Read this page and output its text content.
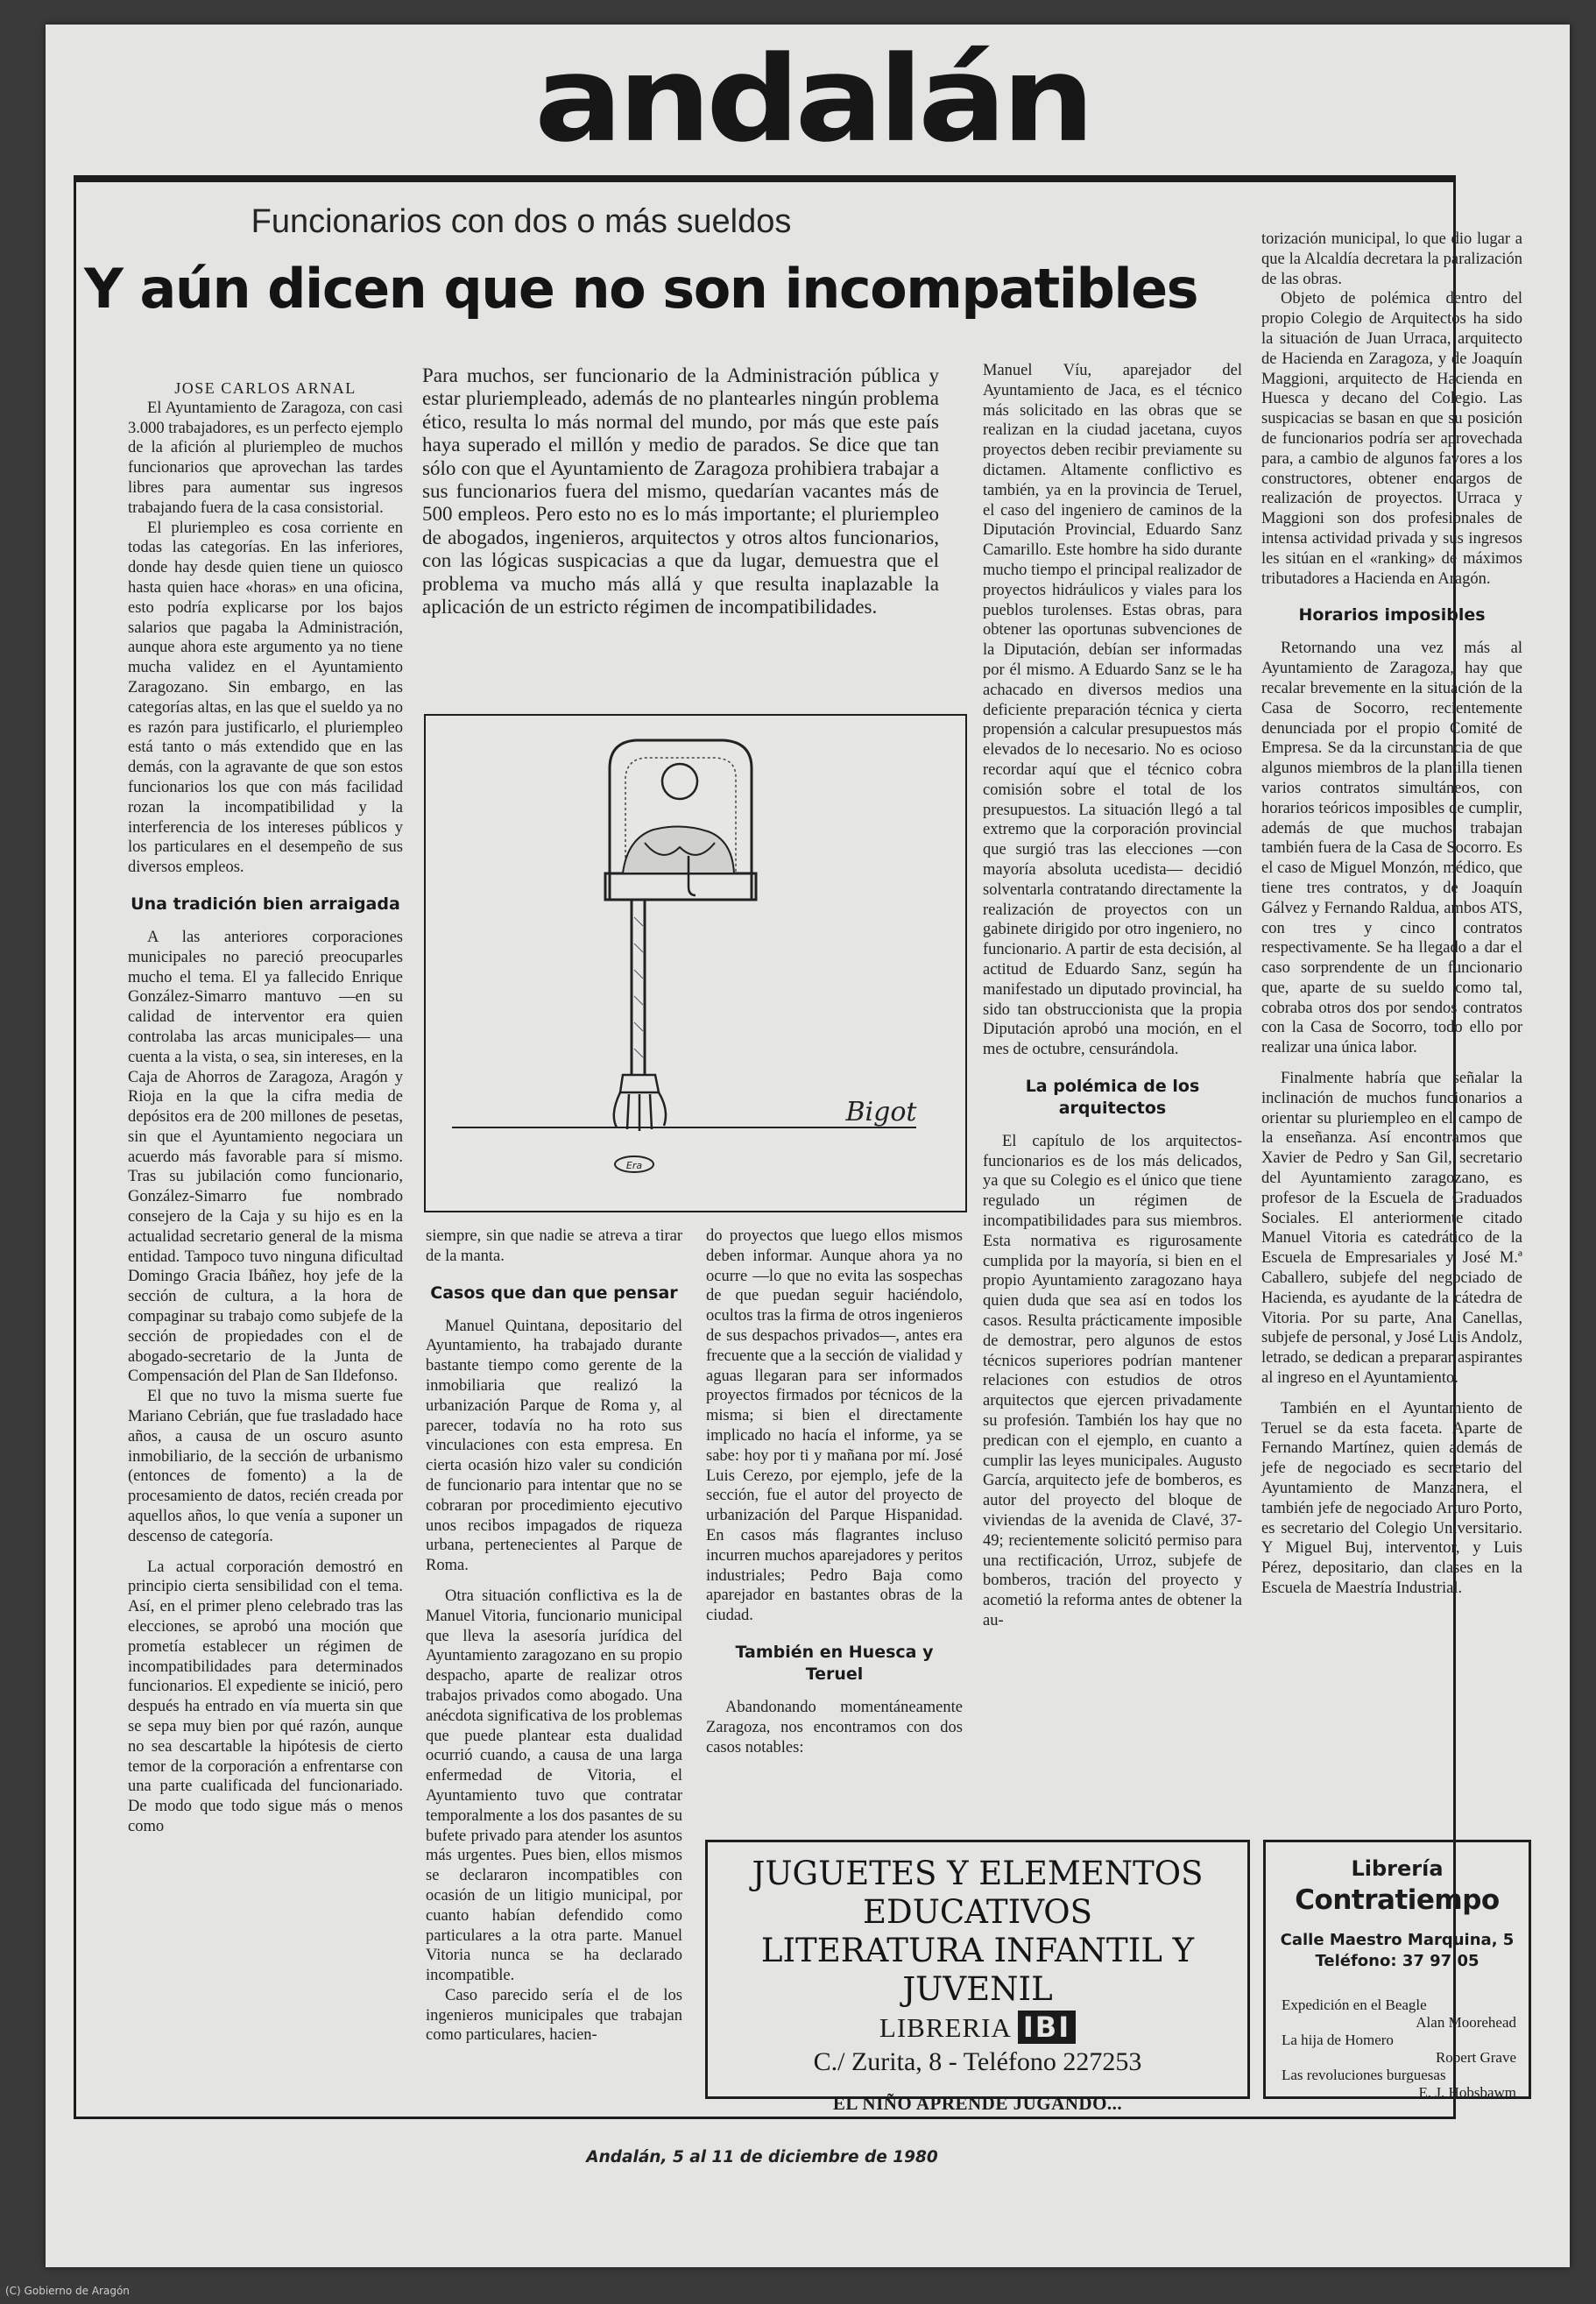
andalán
Funcionarios con dos o más sueldos
Y aún dicen que no son incompatibles

JOSE CARLOS ARNAL

El Ayuntamiento de Zaragoza, con casi 3.000 trabajadores, es un perfecto ejemplo de la afición al pluriempleo de muchos funcionarios que aprovechan las tardes libres para aumentar sus ingresos trabajando fuera de la casa consistorial.

El pluriempleo es cosa corriente en todas las categorías. En las inferiores, donde hay desde quien tiene un quiosco hasta quien hace «horas» en una oficina, esto podría explicarse por los bajos salarios que pagaba la Administración, aunque ahora este argumento ya no tiene mucha validez en el Ayuntamiento Zaragozano. Sin embargo, en las categorías altas, en las que el sueldo ya no es razón para justificarlo, el pluriempleo está tanto o más extendido que en las demás, con la agravante de que son estos funcionarios los que con más facilidad rozan la incompatibilidad y la interferencia de los intereses públicos y los particulares en el desempeño de sus diversos empleos.

Una tradición bien arraigada

A las anteriores corporaciones municipales no pareció preocuparles mucho el tema. El ya fallecido Enrique González-Simarro mantuvo —en su calidad de interventor era quien controlaba las arcas municipales— una cuenta a la vista, o sea, sin intereses, en la Caja de Ahorros de Zaragoza, Aragón y Rioja en la que la cifra media de depósitos era de 200 millones de pesetas, sin que el Ayuntamiento negociara un acuerdo más favorable para sí mismo. Tras su jubilación como funcionario, González-Simarro fue nombrado consejero de la Caja y su hijo es en la actualidad secretario general de la misma entidad. Tampoco tuvo ninguna dificultad Domingo Gracia Ibáñez, hoy jefe de la sección de cultura, a la hora de compaginar su trabajo como subjefe de la sección de propiedades con el de abogado-secretario de la Junta de Compensación del Plan de San Ildefonso.

El que no tuvo la misma suerte fue Mariano Cebrián, que fue trasladado hace años, a causa de un oscuro asunto inmobiliario, de la sección de urbanismo (entonces de fomento) a la de procesamiento de datos, recién creada por aquellos años, lo que venía a suponer un descenso de categoría.

La actual corporación demostró en principio cierta sensibilidad con el tema. Así, en el primer pleno celebrado tras las elecciones, se aprobó una moción que prometía establecer un régimen de incompatibilidades para determinados funcionarios. El expediente se inició, pero después ha entrado en vía muerta sin que se sepa muy bien por qué razón, aunque no sea descartable la hipótesis de cierto temor de la corporación a enfrentarse con una parte cualificada del funcionariado. De modo que todo sigue más o menos como

Para muchos, ser funcionario de la Administración pública y estar pluriempleado, además de no plantearles ningún problema ético, resulta lo más normal del mundo, por más que este país haya superado el millón y medio de parados. Se dice que tan sólo con que el Ayuntamiento de Zaragoza prohibiera trabajar a sus funcionarios fuera del mismo, quedarían vacantes más de 500 empleos. Pero esto no es lo más importante; el pluriempleo de abogados, ingenieros, arquitectos y otros altos funcionarios, con las lógicas suspicacias a que da lugar, demuestra que el problema va mucho más allá y que resulta inaplazable la aplicación de un estricto régimen de incompatibilidades.

Era
Bigot

siempre, sin que nadie se atreva a tirar de la manta.

Casos que dan que pensar

Manuel Quintana, depositario del Ayuntamiento, ha trabajado durante bastante tiempo como gerente de la inmobiliaria que realizó la urbanización Parque de Roma y, al parecer, todavía no ha roto sus vinculaciones con esta empresa. En cierta ocasión hizo valer su condición de funcionario para intentar que no se cobraran por procedimiento ejecutivo unos recibos impagados de riqueza urbana, pertenecientes al Parque de Roma.

Otra situación conflictiva es la de Manuel Vitoria, funcionario municipal que lleva la asesoría jurídica del Ayuntamiento zaragozano en su propio despacho, aparte de realizar otros trabajos privados como abogado. Una anécdota significativa de los problemas que puede plantear esta dualidad ocurrió cuando, a causa de una larga enfermedad de Vitoria, el Ayuntamiento tuvo que contratar temporalmente a los dos pasantes de su bufete privado para atender los asuntos más urgentes. Pues bien, ellos mismos se declararon incompatibles con ocasión de un litigio municipal, por cuanto habían defendido como particulares a la otra parte. Manuel Vitoria nunca se ha declarado incompatible.

Caso parecido sería el de los ingenieros municipales que trabajan como particulares, hacien-

do proyectos que luego ellos mismos deben informar. Aunque ahora ya no ocurre —lo que no evita las sospechas de que puedan seguir haciéndolo, ocultos tras la firma de otros ingenieros de sus despachos privados—, antes era frecuente que a la sección de vialidad y aguas llegaran para ser informados proyectos firmados por técnicos de la misma; si bien el directamente implicado no hacía el informe, ya se sabe: hoy por ti y mañana por mí. José Luis Cerezo, por ejemplo, jefe de la sección, fue el autor del proyecto de urbanización del Parque Hispanidad. En casos más flagrantes incluso incurren muchos aparejadores y peritos industriales; Pedro Baja como aparejador en bastantes obras de la ciudad.

También en Huesca y Teruel

Abandonando momentáneamente Zaragoza, nos encontramos con dos casos notables:

Manuel Víu, aparejador del Ayuntamiento de Jaca, es el técnico más solicitado en las obras que se realizan en la ciudad jacetana, cuyos proyectos deben recibir previamente su dictamen. Altamente conflictivo es también, ya en la provincia de Teruel, el caso del ingeniero de caminos de la Diputación Provincial, Eduardo Sanz Camarillo. Este hombre ha sido durante mucho tiempo el principal realizador de proyectos hidráulicos y viales para los pueblos turolenses. Estas obras, para obtener las oportunas subvenciones de la Diputación, debían ser informadas por él mismo. A Eduardo Sanz se le ha achacado en diversos medios una deficiente preparación técnica y cierta propensión a calcular presupuestos más elevados de lo necesario. No es ocioso recordar aquí que el técnico cobra comisión sobre el total de los presupuestos. La situación llegó a tal extremo que la corporación provincial que surgió tras las elecciones —con mayoría absoluta ucedista— decidió solventarla contratando directamente la realización de proyectos con un gabinete dirigido por otro ingeniero, no funcionario. A partir de esta decisión, al actitud de Eduardo Sanz, según ha manifestado un diputado provincial, ha sido tan obstruccionista que la propia Diputación aprobó una moción, en el mes de octubre, censurándola.

La polémica de los arquitectos

El capítulo de los arquitectos-funcionarios es de los más delicados, ya que su Colegio es el único que tiene regulado un régimen de incompatibilidades para sus miembros. Esta normativa es rigurosamente cumplida por la mayoría, si bien en el propio Ayuntamiento zaragozano haya quien duda que sea así en todos los casos. Resulta prácticamente imposible de demostrar, pero algunos de estos técnicos superiores podrían mantener relaciones con estudios de otros arquitectos que ejercen privadamente su profesión. También los hay que no predican con el ejemplo, en cuanto a cumplir las leyes municipales. Augusto García, arquitecto jefe de bomberos, es autor del proyecto del bloque de viviendas de la avenida de Clavé, 37-49; recientemente solicitó permiso para una rectificación, Urroz, subjefe de bomberos, tración del proyecto y acometió la reforma antes de obtener la au-

torización municipal, lo que dio lugar a que la Alcaldía decretara la paralización de las obras.

Objeto de polémica dentro del propio Colegio de Arquitectos ha sido la situación de Juan Urraca, arquitecto de Hacienda en Zaragoza, y de Joaquín Maggioni, arquitecto de Hacienda en Huesca y decano del Colegio. Las suspicacias se basan en que su posición de funcionarios podría ser aprovechada para, a cambio de algunos favores a los constructores, obtener encargos de realización de proyectos. Urraca y Maggioni son dos profesionales de intensa actividad privada y sus ingresos les sitúan en el «ranking» de máximos tributadores a Hacienda en Aragón.

Horarios imposibles

Retornando una vez más al Ayuntamiento de Zaragoza, hay que recalar brevemente en la situación de la Casa de Socorro, recientemente denunciada por el propio Comité de Empresa. Se da la circunstancia de que algunos miembros de la plantilla tienen varios contratos simultáneos, con horarios teóricos imposibles de cumplir, además de que muchos trabajan también fuera de la Casa de Socorro. Es el caso de Miguel Monzón, médico, que tiene tres contratos, y de Joaquín Gálvez y Fernando Ralduа, ambos ATS, con tres y cinco contratos respectivamente. Se ha llegado a dar el caso sorprendente de un funcionario que, aparte de su sueldo como tal, cobraba otros dos por sendos contratos con la Casa de Socorro, todo ello por realizar una única labor.

Finalmente habría que señalar la inclinación de muchos funcionarios a orientar su pluriempleo en el campo de la enseñanza. Así encontramos que Xavier de Pedro y San Gil, secretario del Ayuntamiento zaragozano, es profesor de la Escuela de Graduados Sociales. El anteriormente citado Manuel Vitoria es catedrático de la Escuela de Empresariales y José M.ª Caballero, subjefe del negociado de Hacienda, es ayudante de la cátedra de Vitoria. Por su parte, Ana Canellas, subjefe de personal, y José Luis Andolz, letrado, se dedican a preparar aspirantes al ingreso en el Ayuntamiento.

También en el Ayuntamiento de Teruel se da esta faceta. Aparte de Fernando Martínez, quien además de jefe de negociado es secretario del Ayuntamiento de Manzanera, el también jefe de negociado Arturo Porto, es secretario del Colegio Universitario. Y Miguel Buj, interventor, y Luis Pérez, depositario, dan clases en la Escuela de Maestría Industrial.

JUGUETES Y ELEMENTOS
EDUCATIVOS
LITERATURA INFANTIL Y
JUVENIL
LIBRERIA IBI
C./ Zurita, 8 - Teléfono 227253
EL NIÑO APRENDE JUGANDO...
Librería
Contratiempo
Calle Maestro Marquina, 5
Teléfono: 37 97 05
Expedición en el Beagle
Alan Moorehead
La hija de Homero
Robert Grave
Las revoluciones burguesas
E. J. Hobsbawm
Andalán, 5 al 11 de diciembre de 1980
(C) Gobierno de Aragón
